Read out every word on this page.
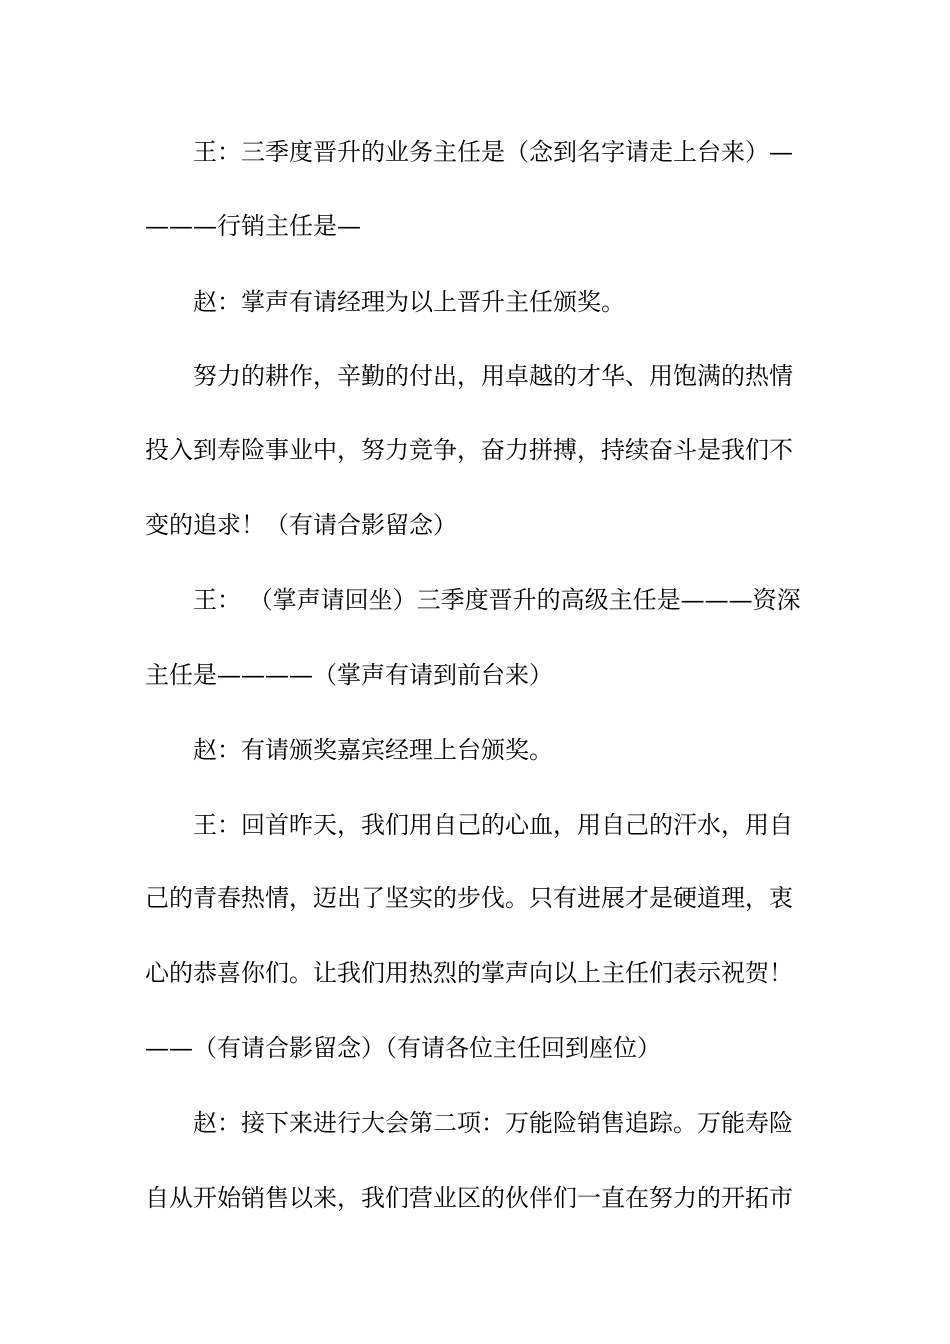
王：三季度晋升的业务主任是（念到名字请走上台来）—
———行销主任是—
赵：掌声有请经理为以上晋升主任颁奖。
努力的耕作，辛勤的付出，用卓越的才华、用饱满的热情
投入到寿险事业中，努力竞争，奋力拼搏，持续奋斗是我们不
变的追求！（有请合影留念）
王： （掌声请回坐）三季度晋升的高级主任是———资深
主任是————（掌声有请到前台来）
赵：有请颁奖嘉宾经理上台颁奖。
王：回首昨天，我们用自己的心血，用自己的汗水，用自
己的青春热情，迈出了坚实的步伐。只有进展才是硬道理，衷
心的恭喜你们。让我们用热烈的掌声向以上主任们表示祝贺！
——（有请合影留念）（有请各位主任回到座位）
赵：接下来进行大会第二项：万能险销售追踪。万能寿险
自从开始销售以来，我们营业区的伙伴们一直在努力的开拓市
